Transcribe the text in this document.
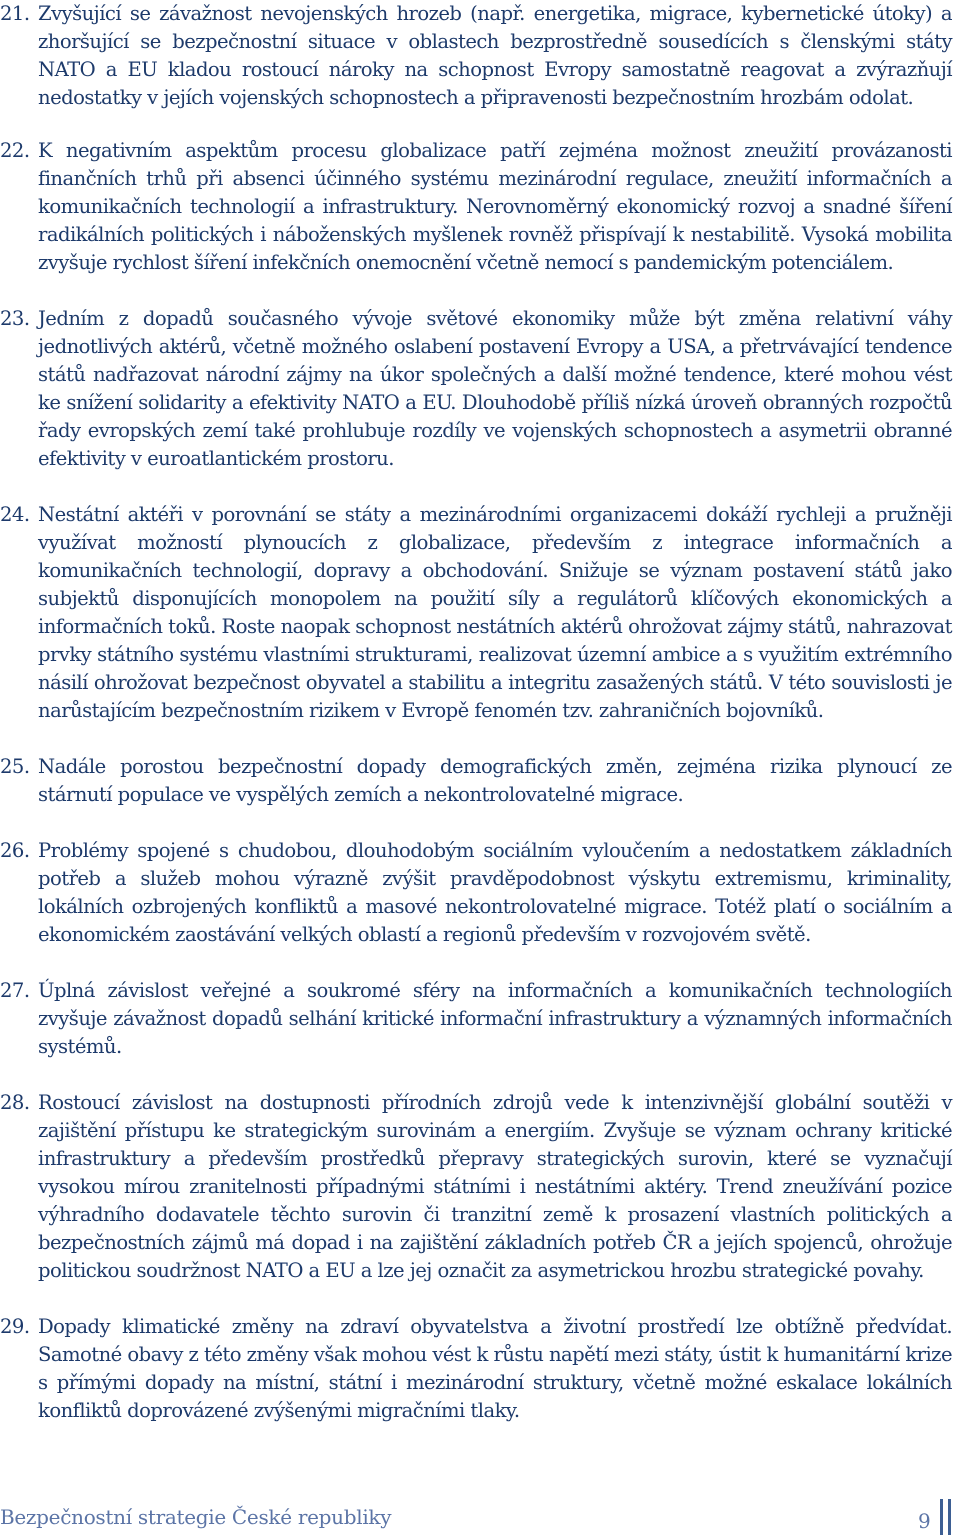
21. Zvyšující se závažnost nevojenských hrozeb (např. energetika, migrace, kybernetické útoky) a zhoršující se bezpečnostní situace v oblastech bezprostředně sousedících s členskými státy NATO a EU kladou rostoucí nároky na schopnost Evropy samostatně reagovat a zvýrazňují nedostatky v jejích vojenských schopnostech a připravenosti bezpečnostním hrozbám odolat.
22. K negativním aspektům procesu globalizace patří zejména možnost zneužití provázanosti finančních trhů při absenci účinného systému mezinárodní regulace, zneužití informačních a komunikačních technologií a infrastruktury. Nerovnoměrný ekonomický rozvoj a snadné šíření radikálních politických i náboženských myšlenek rovněž přispívají k nestabilitě. Vysoká mobilita zvyšuje rychlost šíření infekčních onemocnění včetně nemocí s pandemickým potenciálem.
23. Jedním z dopadů současného vývoje světové ekonomiky může být změna relativní váhy jednotlivých aktérů, včetně možného oslabení postavení Evropy a USA, a přetrvávající tendence států nadřazovat národní zájmy na úkor společných a další možné tendence, které mohou vést ke snížení solidarity a efektivity NATO a EU. Dlouhodobě příliš nízká úroveň obranných rozpočtů řady evropských zemí také prohlubuje rozdíly ve vojenských schopnostech a asymetrii obranné efektivity v euroatlantickém prostoru.
24. Nestátní aktéři v porovnání se státy a mezinárodními organizacemi dokáží rychleji a pružněji využívat možností plynoucích z globalizace, především z integrace informačních a komunikačních technologií, dopravy a obchodování. Snižuje se význam postavení států jako subjektů disponujících monopolem na použití síly a regulátorů klíčových ekonomických a informačních toků. Roste naopak schopnost nestátních aktérů ohrožovat zájmy států, nahrazovat prvky státního systému vlastními strukturami, realizovat územní ambice a s využitím extrémního násilí ohrožovat bezpečnost obyvatel a stabilitu a integritu zasažených států. V této souvislosti je narůstajícím bezpečnostním rizikem v Evropě fenomén tzv. zahraničních bojovníků.
25. Nadále porostou bezpečnostní dopady demografických změn, zejména rizika plynoucí ze stárnutí populace ve vyspělých zemích a nekontrolovatelné migrace.
26. Problémy spojené s chudobou, dlouhodobým sociálním vyloučením a nedostatkem základních potřeb a služeb mohou výrazně zvýšit pravděpodobnost výskytu extremismu, kriminality, lokálních ozbrojených konfliktů a masové nekontrolovatelné migrace. Totéž platí o sociálním a ekonomickém zaostávání velkých oblastí a regionů především v rozvojovém světě.
27. Úplná závislost veřejné a soukromé sféry na informačních a komunikačních technologiích zvyšuje závažnost dopadů selhání kritické informační infrastruktury a významných informačních systémů.
28. Rostoucí závislost na dostupnosti přírodních zdrojů vede k intenzivnější globální soutěži v zajištění přístupu ke strategickým surovinám a energiím. Zvyšuje se význam ochrany kritické infrastruktury a především prostředků přepravy strategických surovin, které se vyznačují vysokou mírou zranitelnosti případnými státními i nestátními aktéry. Trend zneužívání pozice výhradního dodavatele těchto surovin či tranzitní země k prosazení vlastních politických a bezpečnostních zájmů má dopad i na zajištění základních potřeb ČR a jejích spojenců, ohrožuje politickou soudržnost NATO a EU a lze jej označit za asymetrickou hrozbu strategické povahy.
29. Dopady klimatické změny na zdraví obyvatelstva a životní prostředí lze obtížně předvídat. Samotné obavy z této změny však mohou vést k růstu napětí mezi státy, ústit k humanitární krize s přímými dopady na místní, státní i mezinárodní struktury, včetně možné eskalace lokálních konfliktů doprovázené zvýšenými migračními tlaky.
Bezpečnostní strategie České republiky	9
